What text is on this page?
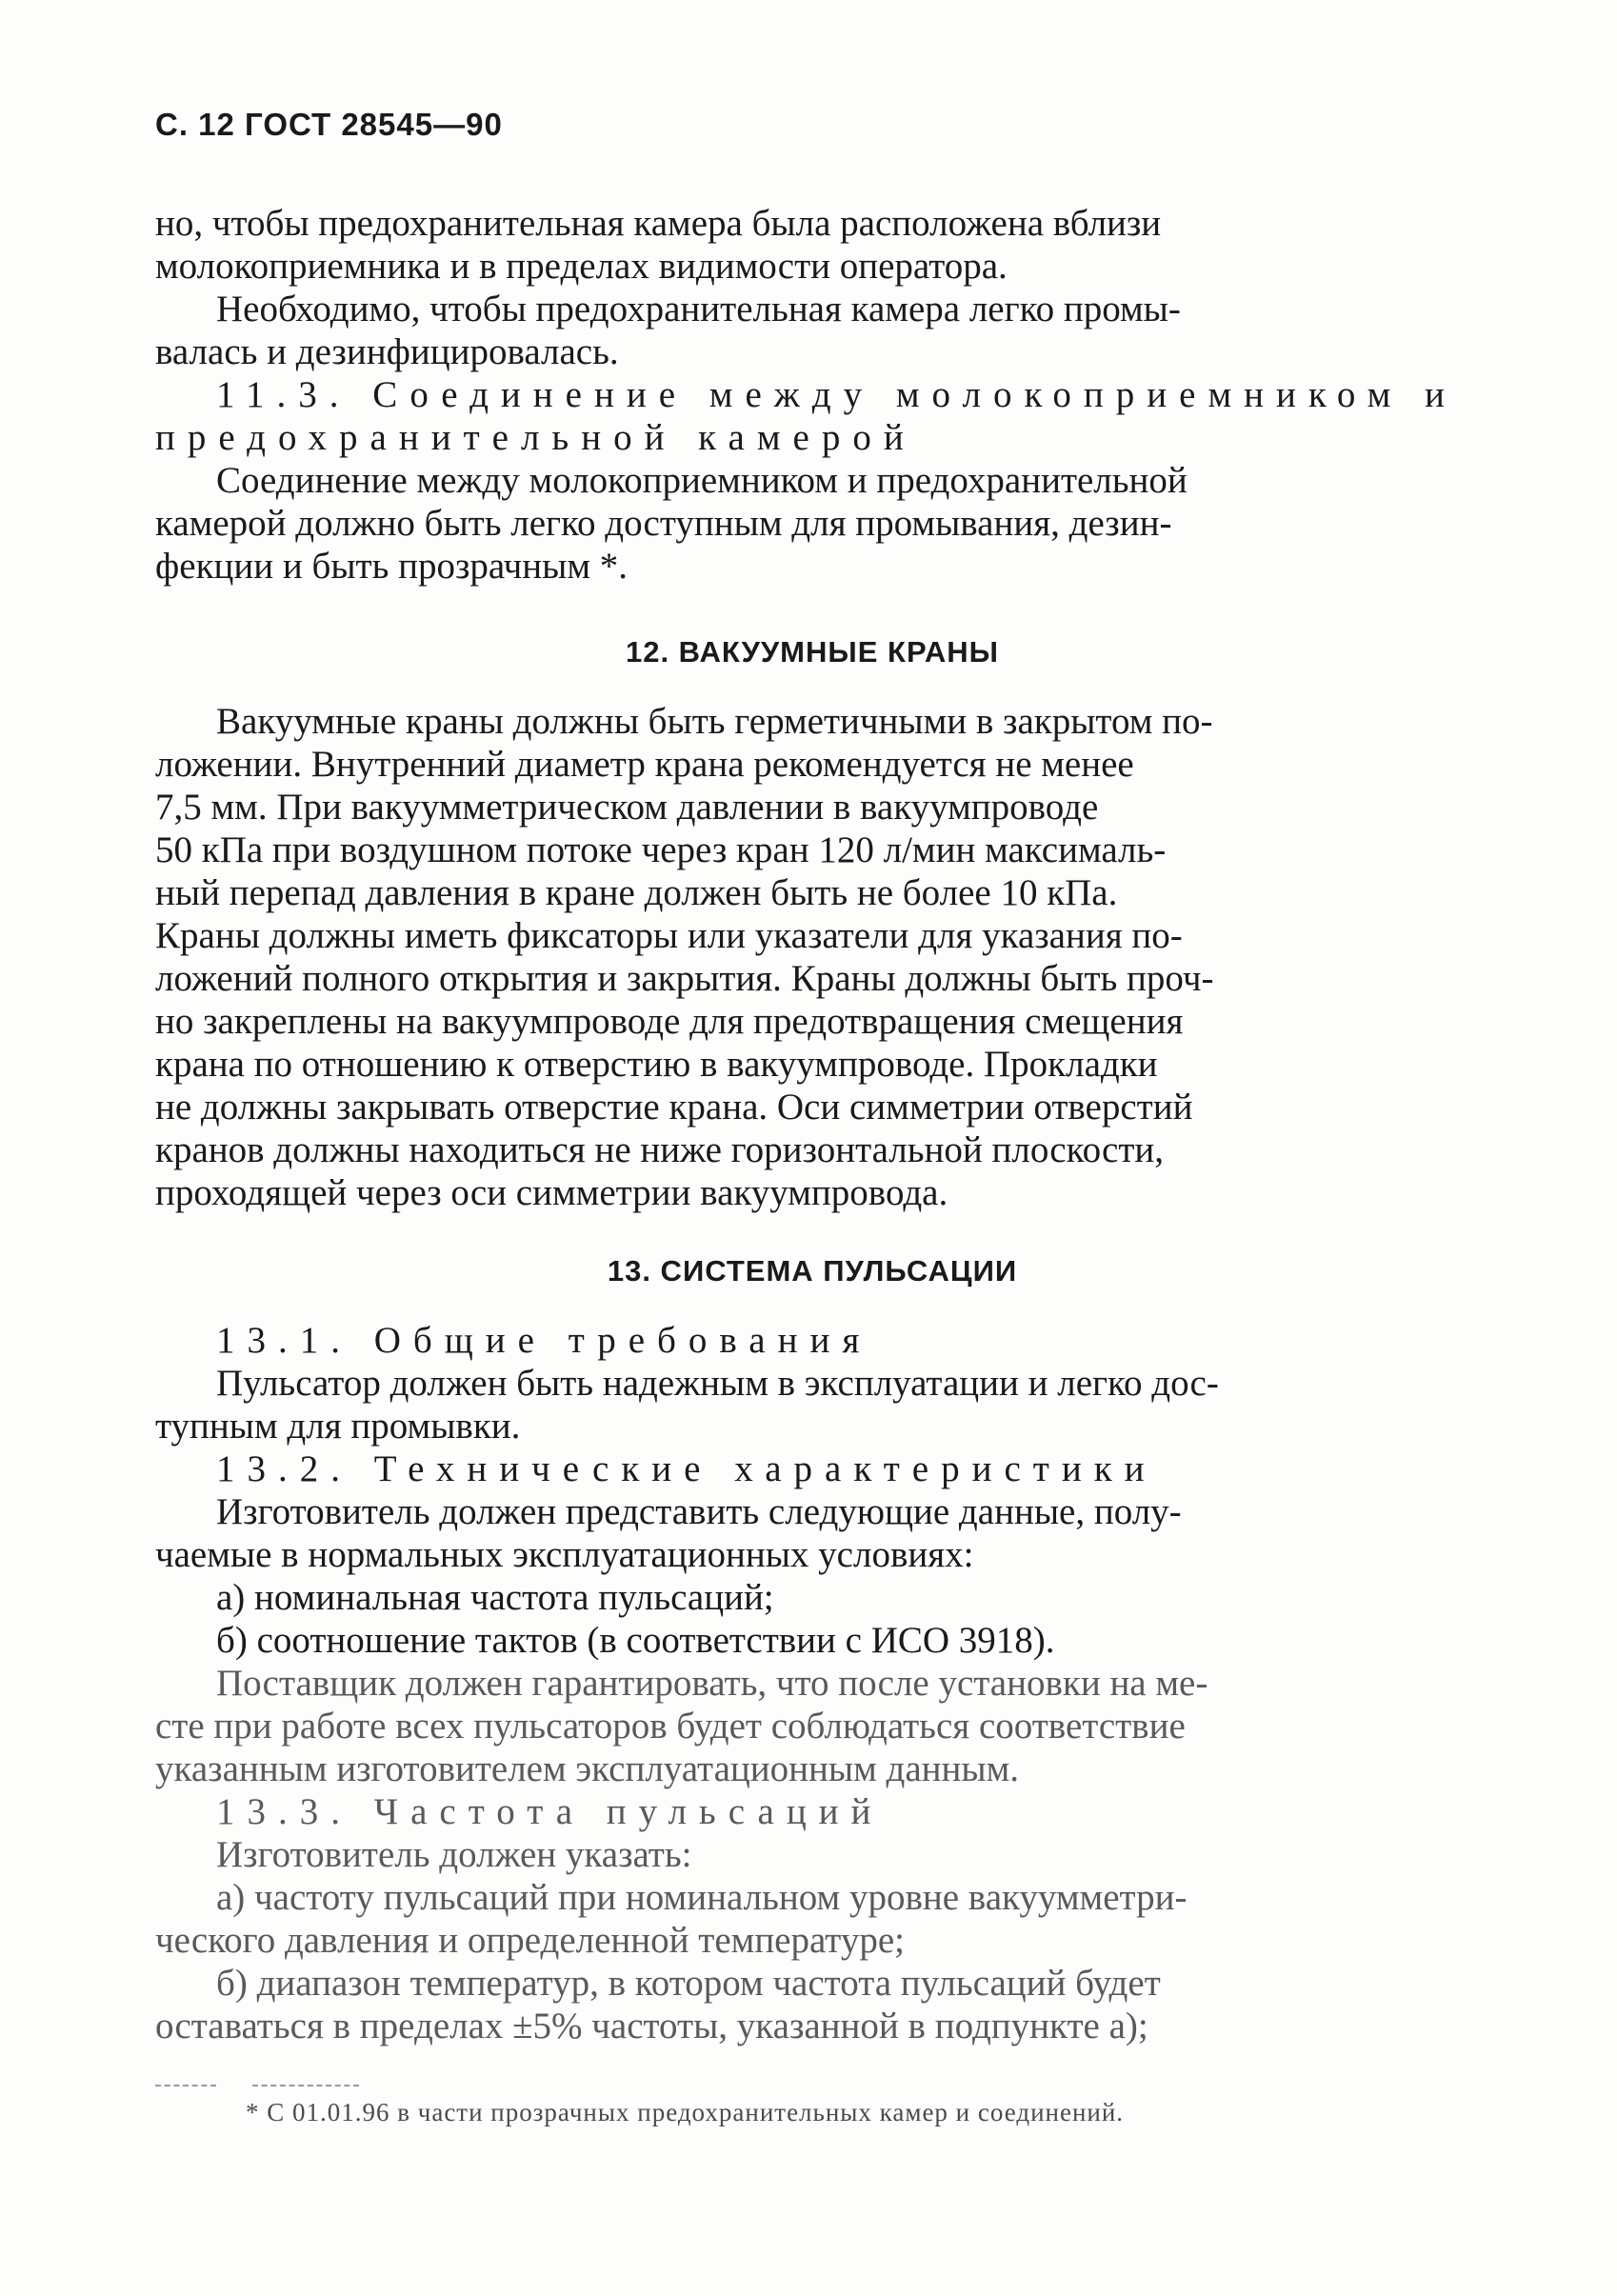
С. 12 ГОСТ 28545—90

но, чтобы предохранительная камера была расположена вблизи

молокоприемника и в пределах видимости оператора.

Необходимо, чтобы предохранительная камера легко промы-

валась и дезинфицировалась.

11.3. Соединение между молокоприемником и

предохранительной камерой

Соединение между молокоприемником и предохранительной

камерой должно быть легко доступным для промывания, дезин-

фекции и быть прозрачным *.

12. ВАКУУМНЫЕ КРАНЫ

Вакуумные краны должны быть герметичными в закрытом по-

ложении. Внутренний диаметр крана рекомендуется не менее

7,5 мм. При вакуумметрическом давлении в вакуумпроводе

50 кПа при воздушном потоке через кран 120 л/мин максималь-

ный перепад давления в кране должен быть не более 10 кПа.

Краны должны иметь фиксаторы или указатели для указания по-

ложений полного открытия и закрытия. Краны должны быть проч-

но закреплены на вакуумпроводе для предотвращения смещения

крана по отношению к отверстию в вакуумпроводе. Прокладки

не должны закрывать отверстие крана. Оси симметрии отверстий

кранов должны находиться не ниже горизонтальной плоскости,

проходящей через оси симметрии вакуумпровода.

13. СИСТЕМА ПУЛЬСАЦИИ

13.1. Общие требования

Пульсатор должен быть надежным в эксплуатации и легко дос-

тупным для промывки.

13.2. Технические характеристики

Изготовитель должен представить следующие данные, полу-

чаемые в нормальных эксплуатационных условиях:

а) номинальная частота пульсаций;

б) соотношение тактов (в соответствии с ИСО 3918).

Поставщик должен гарантировать, что после установки на ме-

сте при работе всех пульсаторов будет соблюдаться соответствие

указанным изготовителем эксплуатационным данным.

13.3. Частота пульсаций

Изготовитель должен указать:

а) частоту пульсаций при номинальном уровне вакуумметри-

ческого давления и определенной температуре;

б) диапазон температур, в котором частота пульсаций будет

оставаться в пределах ±5% частоты, указанной в подпункте а);

* С 01.01.96 в части прозрачных предохранительных камер и соединений.
